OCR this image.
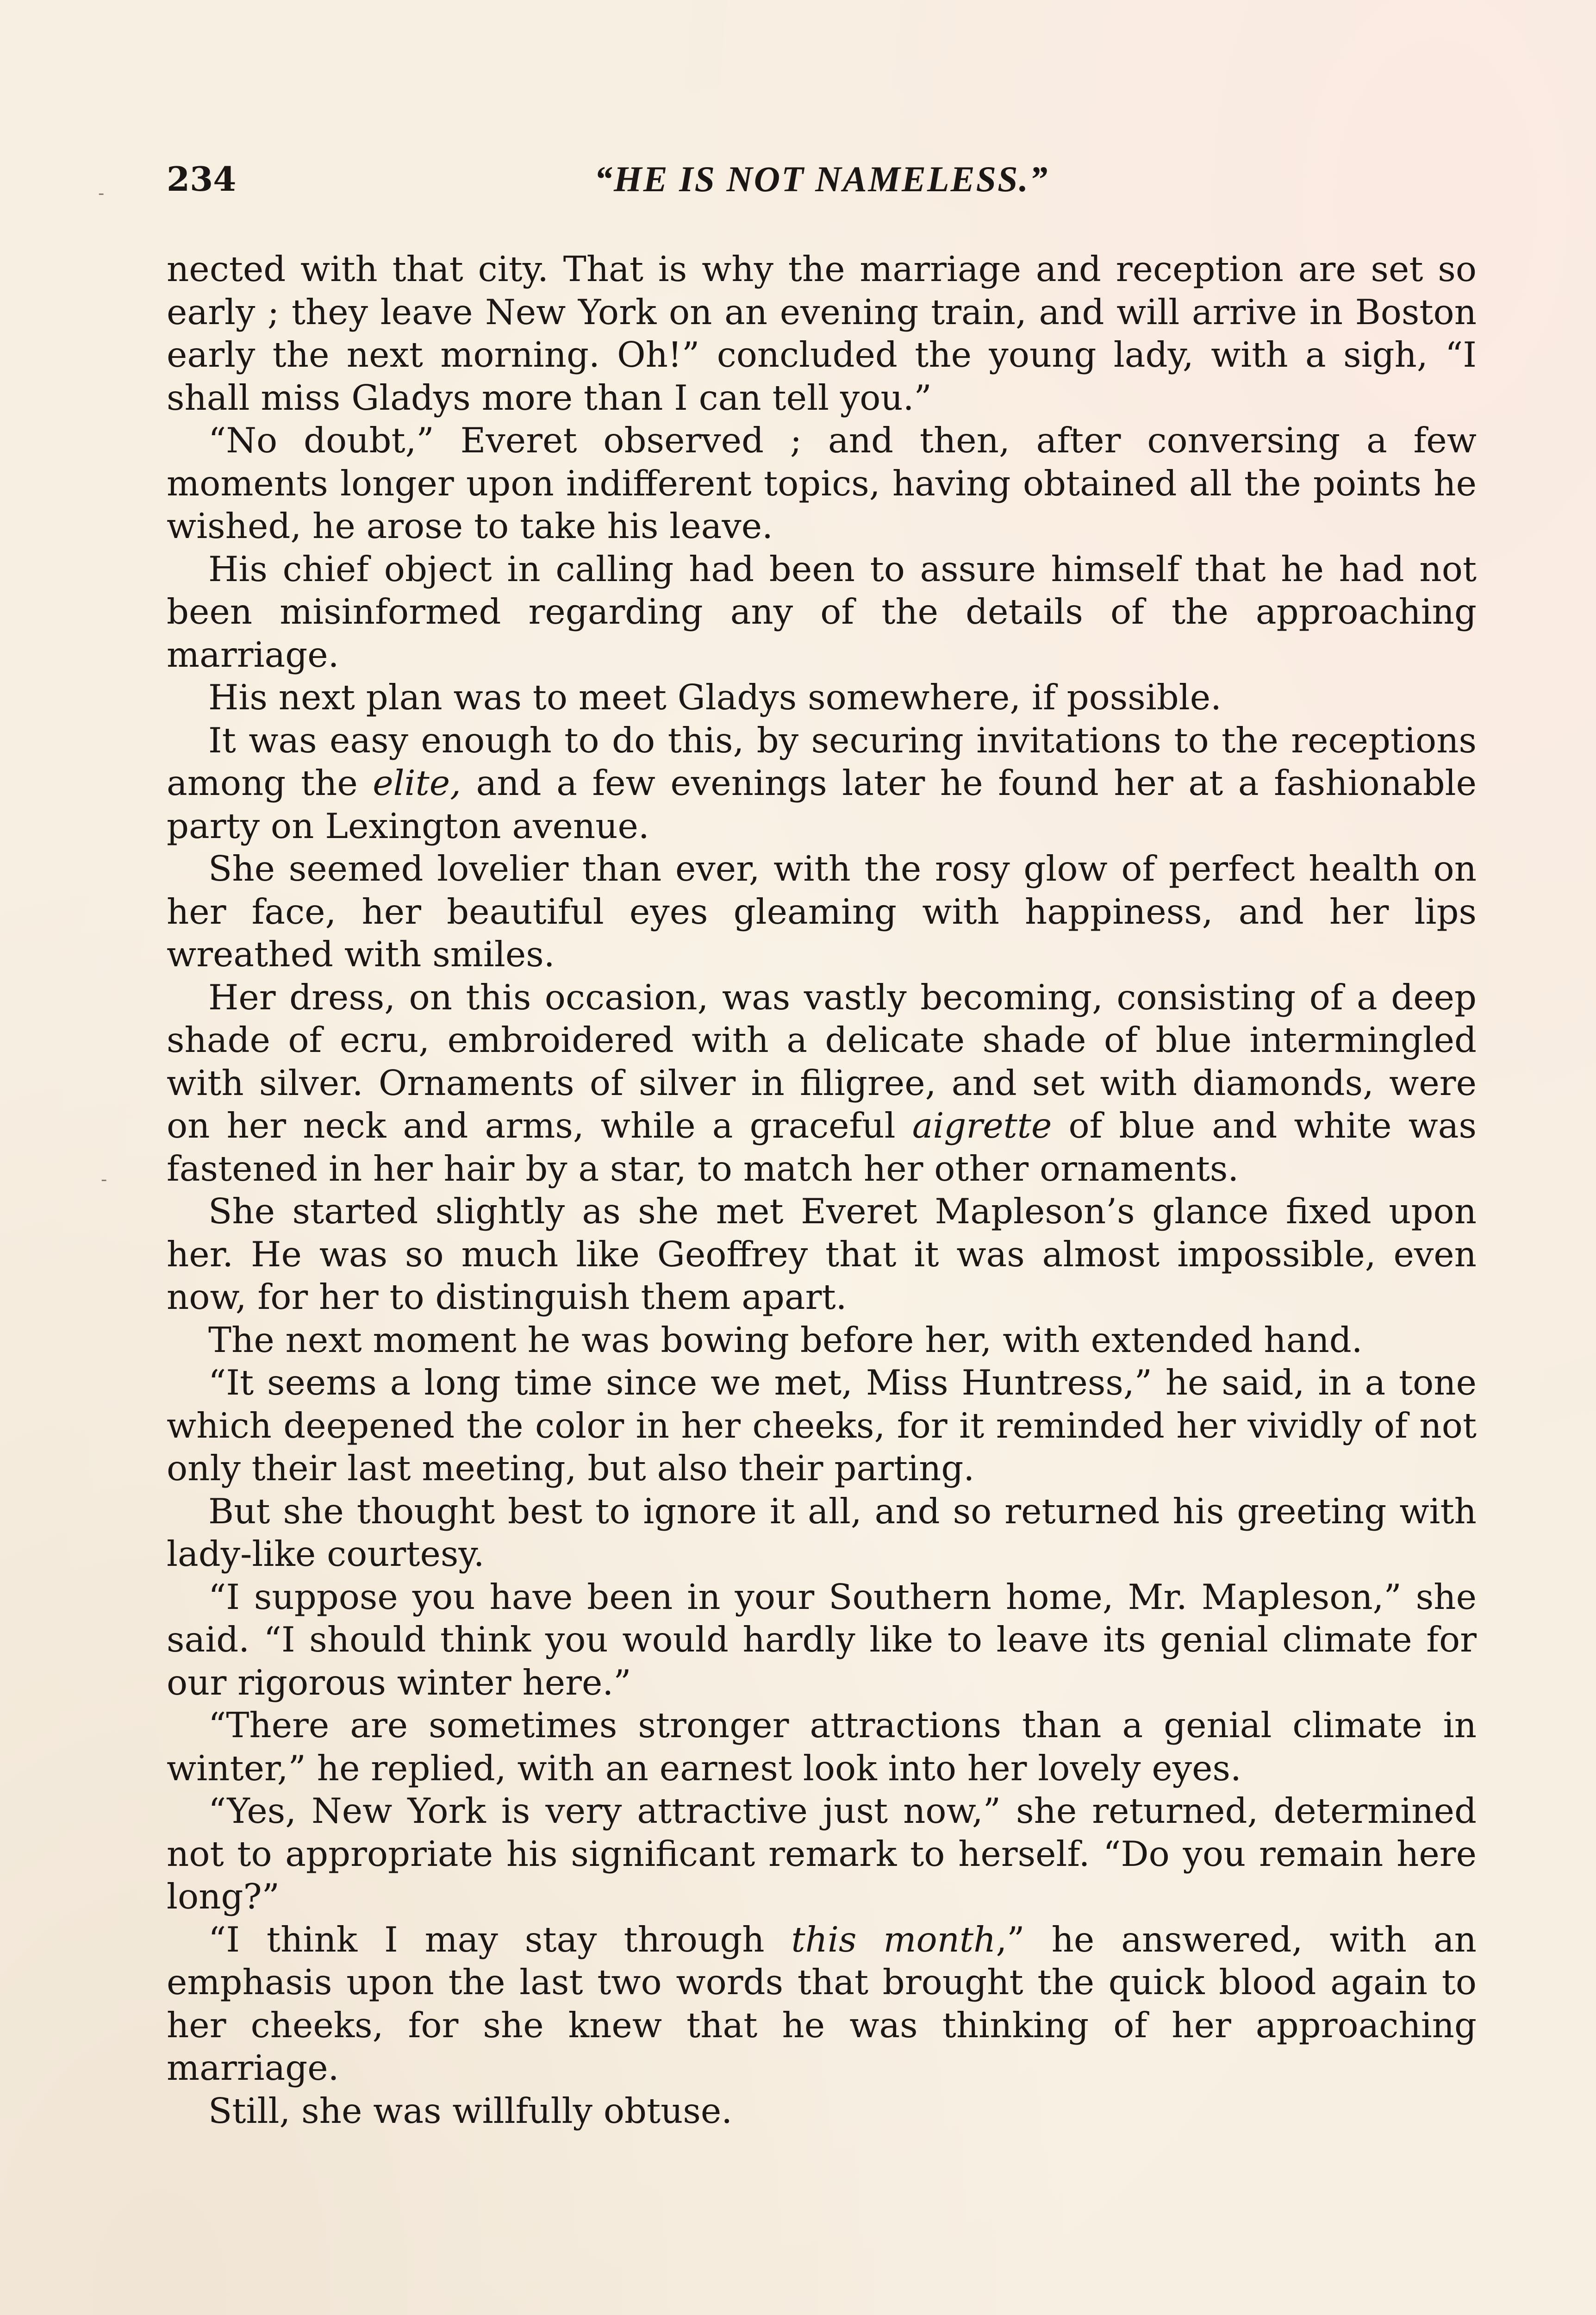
234	“HE IS NOT NAMELESS.”

nected with that city. That is why the marriage and reception are set so early ; they leave New York on an evening train, and will arrive in Boston early the next morning. Oh!” concluded the young lady, with a sigh, “I shall miss Gladys more than I can tell you.”

“No doubt,” Everet observed ; and then, after conversing a few moments longer upon indifferent topics, having obtained all the points he wished, he arose to take his leave.

His chief object in calling had been to assure himself that he had not been misinformed regarding any of the details of the approaching marriage.

His next plan was to meet Gladys somewhere, if possible.

It was easy enough to do this, by securing invitations to the receptions among the elite, and a few evenings later he found her at a fashionable party on Lexington avenue.

She seemed lovelier than ever, with the rosy glow of perfect health on her face, her beautiful eyes gleaming with happiness, and her lips wreathed with smiles.

Her dress, on this occasion, was vastly becoming, consisting of a deep shade of ecru, embroidered with a delicate shade of blue intermingled with silver. Ornaments of silver in filigree, and set with diamonds, were on her neck and arms, while a graceful aigrette of blue and white was fastened in her hair by a star, to match her other ornaments.

She started slightly as she met Everet Mapleson’s glance fixed upon her. He was so much like Geoffrey that it was almost impossible, even now, for her to distinguish them apart.

The next moment he was bowing before her, with extended hand.

“It seems a long time since we met, Miss Huntress,” he said, in a tone which deepened the color in her cheeks, for it reminded her vividly of not only their last meeting, but also their parting.

But she thought best to ignore it all, and so returned his greeting with lady-like courtesy.

“I suppose you have been in your Southern home, Mr. Mapleson,” she said. “I should think you would hardly like to leave its genial climate for our rigorous winter here.”

“There are sometimes stronger attractions than a genial climate in winter,” he replied, with an earnest look into her lovely eyes.

“Yes, New York is very attractive just now,” she returned, determined not to appropriate his significant remark to herself. “Do you remain here long?”

“I think I may stay through this month,” he answered, with an emphasis upon the last two words that brought the quick blood again to her cheeks, for she knew that he was thinking of her approaching marriage.

Still, she was willfully obtuse.

-
-
